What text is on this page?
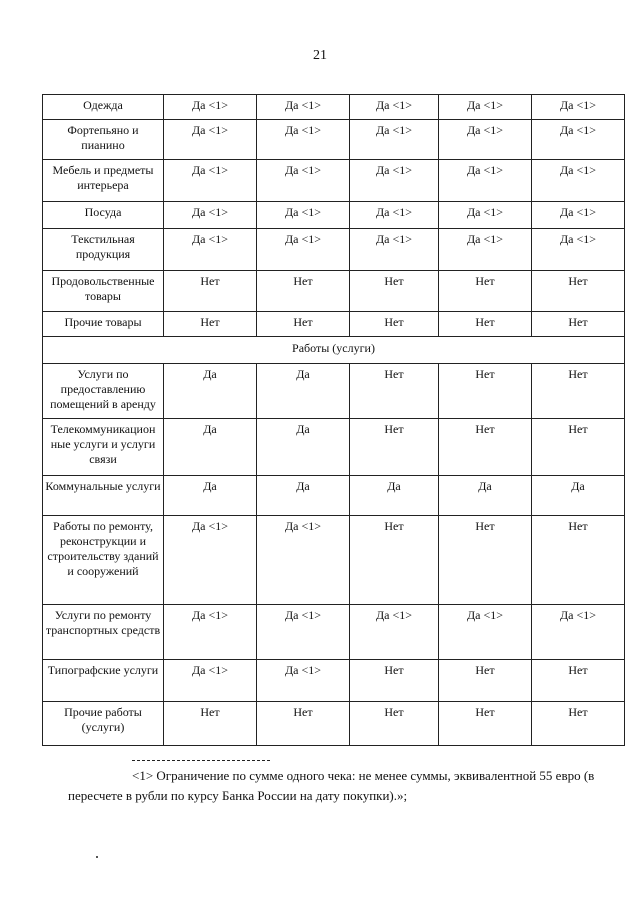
21
Одежда	Да <1>	Да <1>	Да <1>	Да <1>	Да <1>
Фортепьяно и пианино	Да <1>	Да <1>	Да <1>	Да <1>	Да <1>
Мебель и предметы интерьера	Да <1>	Да <1>	Да <1>	Да <1>	Да <1>
Посуда	Да <1>	Да <1>	Да <1>	Да <1>	Да <1>
Текстильная продукция	Да <1>	Да <1>	Да <1>	Да <1>	Да <1>
Продовольственные товары	Нет	Нет	Нет	Нет	Нет
Прочие товары	Нет	Нет	Нет	Нет	Нет
Работы (услуги)					
Услуги по предоставлению помещений в аренду	Да	Да	Нет	Нет	Нет
Телекоммуникацион ные услуги и услуги связи	Да	Да	Нет	Нет	Нет
Коммунальные услуги	Да	Да	Да	Да	Да
Работы по ремонту, реконструкции и строительству зданий и сооружений	Да <1>	Да <1>	Нет	Нет	Нет
Услуги по ремонту транспортных средств	Да <1>	Да <1>	Да <1>	Да <1>	Да <1>
Типографские услуги	Да <1>	Да <1>	Нет	Нет	Нет
Прочие работы (услуги)	Нет	Нет	Нет	Нет	Нет
<1> Ограничение по сумме одного чека: не менее суммы, эквивалентной 55 евро (в пересчете в рубли по курсу Банка России на дату покупки).»;
